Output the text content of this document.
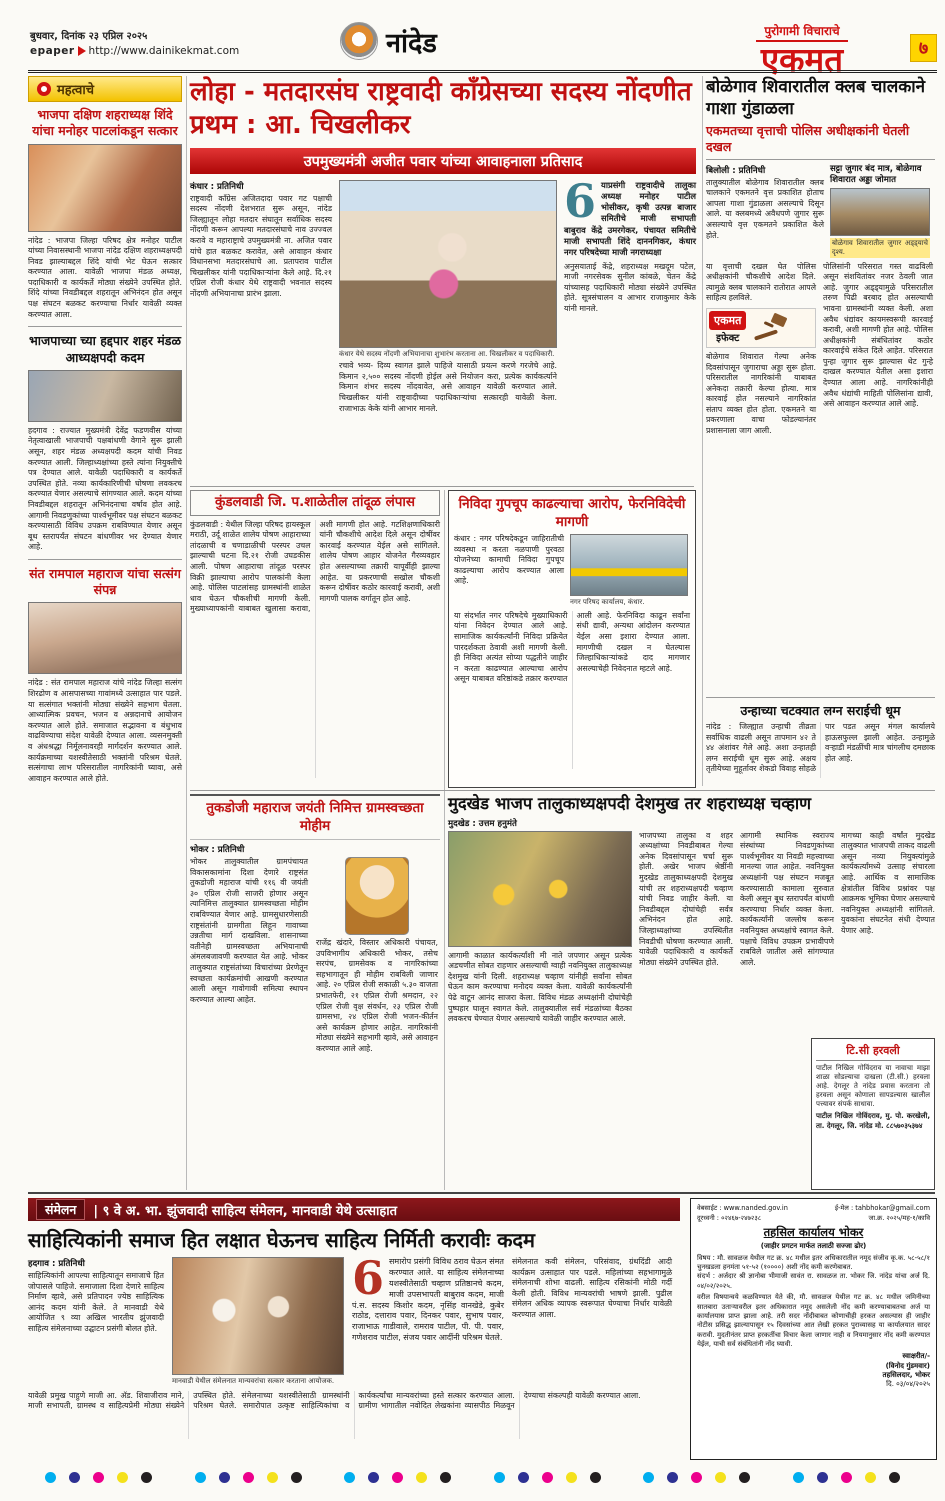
बुधवार, दिनांक २३ एप्रिल २०२५
epaper http://www.dainikekmat.com	नांदेड	पुरोगामी विचाराचे
एकमत	७
महत्वाचे
भाजपा दक्षिण शहराध्यक्ष शिंदे यांचा मनोहर पाटलांकडून सत्कार

नांदेड : भाजपा जिल्हा परिषद क्षेत्र मनोहर पाटील यांच्या निवासस्थानी भाजपा नांदेड दक्षिण शहराध्यक्षपदी निवड झाल्याबद्दल शिंदे यांची भेट घेऊन सत्कार करण्यात आला. यावेळी भाजपा मंडळ अध्यक्ष, पदाधिकारी व कार्यकर्ते मोठ्या संख्येने उपस्थित होते. शिंदे यांच्या निवडीबद्दल शहरातून अभिनंदन होत असून पक्ष संघटन बळकट करण्याचा निर्धार यावेळी व्यक्त करण्यात आला.

भाजपाच्या च्या हद्दपार शहर मंडळ आध्यक्षपदी कदम

हदगाव : राज्यात मुख्यमंत्री देवेंद्र फडणवीस यांच्या नेतृत्वाखाली भाजपाची पक्षबांधणी वेगाने सुरू झाली असून, शहर मंडळ अध्यक्षपदी कदम यांची निवड करण्यात आली. जिल्हाध्यक्षांच्या हस्ते त्यांना नियुक्तीचे पत्र देण्यात आले. यावेळी पदाधिकारी व कार्यकर्ते उपस्थित होते. नव्या कार्यकारिणीची घोषणा लवकरच करण्यात येणार असल्याचे सांगण्यात आले. कदम यांच्या निवडीबद्दल शहरातून अभिनंदनाचा वर्षाव होत आहे. आगामी निवडणुकांच्या पार्श्वभूमीवर पक्ष संघटन बळकट करण्यासाठी विविध उपक्रम राबविण्यात येणार असून बूथ स्तरापर्यंत संघटन बांधणीवर भर देण्यात येणार आहे.

संत रामपाल महाराज यांचा सत्संग संपन्न

नांदेड : संत रामपाल महाराज यांचे नांदेड जिल्हा सत्संग शिरढोण व आसपासच्या गावांमध्ये उत्साहात पार पडले. या सत्संगात भक्तांनी मोठ्या संख्येने सहभाग घेतला. आध्यात्मिक प्रवचन, भजन व अन्नदानाचे आयोजन करण्यात आले होते. समाजात सद्भावना व बंधुभाव वाढविण्याचा संदेश यावेळी देण्यात आला. व्यसनमुक्ती व अंधश्रद्धा निर्मूलनावरही मार्गदर्शन करण्यात आले. कार्यक्रमाच्या यशस्वीतेसाठी भक्तांनी परिश्रम घेतले. सत्संगाचा लाभ परिसरातील नागरिकांनी घ्यावा, असे आवाहन करण्यात आले होते.

लोहा - मतदारसंघ राष्ट्रवादी काँग्रेसच्या सदस्य नोंदणीत प्रथम : आ. चिखलीकर
उपमुख्यमंत्री अजीत पवार यांच्या आवाहनाला प्रतिसाद
कंधार : प्रतिनिधी

राष्ट्रवादी काँग्रेस अजितदादा पवार गट पक्षाची सदस्य नोंदणी देशभरात सुरू असून, नांदेड जिल्ह्यातून लोहा मतदार संघातून सर्वाधिक सदस्य नोंदणी करून आपल्या मतदारसंघाचे नाव उज्ज्वल करावे व महाराष्ट्राचे उपमुख्यमंत्री ना. अजित पवार यांचे हात बळकट करावेत, असे आवाहन कंधार विधानसभा मतदारसंघाचे आ. प्रतापराव पाटील चिखलीकर यांनी पदाधिकाऱ्यांना केले आहे. दि.२१ एप्रिल रोजी कंधार येथे राष्ट्रवादी भवनात सदस्य नोंदणी अभियानाचा प्रारंभ झाला.

कंधार येथे सदस्य नोंदणी अभियानाचा शुभारंभ करताना आ. चिखलीकर व पदाधिकारी.

रचावे भव्य- दिव्य स्वागत झाले पाहिजे यासाठी प्रयत्न करणे गरजेचे आहे. किमान २,५०० सदस्य नोंदणी होईल असे नियोजन करा, प्रत्येक कार्यकर्त्याने किमान शंभर सदस्य नोंदवावेत, असे आवाहन यावेळी करण्यात आले. चिखलीकर यांनी राष्ट्रवादीच्या पदाधिकाऱ्यांचा सत्कारही यावेळी केला. राजाभाऊ केके यांनी आभार मानले.

6 याप्रसंगी राष्ट्रवादीचे तालुका अध्यक्ष मनोहर पाटील भोसीकर, कृषी उत्पन्न बाजार समितीचे माजी सभापती बाबुराव केंद्रे उमरगेकर, पंचायत समितीचे माजी सभापती शिंदे दाननगिकर, कंधार नगर परिषदेच्या माजी नगराध्यक्षा

अनुसयाताई केंद्रे, शहराध्यक्ष मखदूम पटेल, माजी नगरसेवक सुनील कांबळे, चेतन केंद्रे यांच्यासह पदाधिकारी मोठ्या संख्येने उपस्थित होते. सूत्रसंचालन व आभार राजाकुमार केके यांनी मानले.

कुंडलवाडी जि. प.शाळेतील तांदूळ लंपास

कुंडलवाडी : येथील जिल्हा परिषद हायस्कूल मराठी, उर्दू शाळेत शालेय पोषण आहाराच्या तांदळाची व चणाडाळीची परस्पर उचल झाल्याची घटना दि.२१ रोजी उघडकीस आली. पोषण आहाराचा तांदूळ परस्पर विक्री झाल्याचा आरोप पालकांनी केला आहे. पोलिस पाटलांसह ग्रामस्थांनी शाळेत धाव घेऊन चौकशीची मागणी केली. मुख्याध्यापकांनी याबाबत खुलासा करावा, अशी मागणी होत आहे. गटशिक्षणाधिकारी यांनी चौकशीचे आदेश दिले असून दोषींवर कारवाई करण्यात येईल असे सांगितले. शालेय पोषण आहार योजनेत गैरव्यवहार होत असल्याच्या तक्रारी यापूर्वीही झाल्या आहेत. या प्रकरणाची सखोल चौकशी करून दोषींवर कठोर कारवाई करावी, अशी मागणी पालक वर्गातून होत आहे.

निविदा गुपचूप काढल्याचा आरोप, फेरनिविदेची मागणी

कंधार : नगर परिषदेकडून जाहिरातीची व्यवस्था न करता नळपाणी पुरवठा योजनेच्या कामाची निविदा गुपचूप काढल्याचा आरोप करण्यात आला आहे.

नगर परिषद कार्यालय, कंधार.

या संदर्भात नगर परिषदेचे मुख्याधिकारी यांना निवेदन देण्यात आले आहे. सामाजिक कार्यकर्त्यांनी निविदा प्रक्रियेत पारदर्शकता ठेवावी अशी मागणी केली. ही निविदा अत्यंत सोप्या पद्धतीने जाहीर न करता काढण्यात आल्याचा आरोप असून याबाबत वरिष्ठांकडे तक्रार करण्यात आली आहे. फेरनिविदा काढून सर्वांना संधी द्यावी, अन्यथा आंदोलन करण्यात येईल असा इशारा देण्यात आला. मागणीची दखल न घेतल्यास जिल्हाधिकाऱ्यांकडे दाद मागणार असल्याचेही निवेदनात म्हटले आहे.

तुकडोजी महाराज जयंती निमित्त ग्रामस्वच्छता मोहीम
भोकर : प्रतिनिधी

भोकर तालुक्यातील ग्रामपंचायत विकासकामांना दिशा देणारे राष्ट्रसंत तुकडोजी महाराज यांची ११६ वी जयंती ३० एप्रिल रोजी साजरी होणार असून त्यानिमित्त तालुक्यात ग्रामस्वच्छता मोहीम राबविण्यात येणार आहे. ग्रामसुधारणेसाठी राष्ट्रसंतांनी ग्रामगीता लिहून गावाच्या उन्नतीचा मार्ग दाखविला. शासनाच्या वतीनेही ग्रामस्वच्छता अभियानाची अंमलबजावणी करण्यात येत आहे. भोकर तालुक्यात राष्ट्रसंतांच्या विचारांच्या प्रेरणेतून स्वच्छता कार्यक्रमांची आखणी करण्यात आली असून गावोगावी समित्या स्थापन करण्यात आल्या आहेत.

राजेंद्र खंदारे, विस्तार अधिकारी पंचायत, उपविभागीय अधिकारी भोकर, तसेच सरपंच, ग्रामसेवक व नागरिकांच्या सहभागातून ही मोहीम राबविली जाणार आहे. २० एप्रिल रोजी सकाळी ५.३० वाजता प्रभातफेरी, २१ एप्रिल रोजी श्रमदान, २२ एप्रिल रोजी वृक्ष संवर्धन, २३ एप्रिल रोजी ग्रामसभा, २४ एप्रिल रोजी भजन-कीर्तन असे कार्यक्रम होणार आहेत. नागरिकांनी मोठ्या संख्येने सहभागी व्हावे, असे आवाहन करण्यात आले आहे.

मुदखेड भाजप तालुकाध्यक्षपदी देशमुख तर शहराध्यक्ष चव्हाण
मुदखेड : उत्तम हनुमंते

आगामी काळात कार्यकर्त्यांशी मी नाते जपणार असून प्रत्येक अडचणीत सोबत राहणार असल्याची ग्वाही नवनियुक्त तालुकाध्यक्ष देशमुख यांनी दिली. शहराध्यक्ष चव्हाण यांनीही सर्वांना सोबत घेऊन काम करण्याचा मनोदय व्यक्त केला. यावेळी कार्यकर्त्यांनी पेढे वाटून आनंद साजरा केला. विविध मंडळ अध्यक्षांनी दोघांचेही पुष्पहार घालून स्वागत केले. तालुक्यातील सर्व मंडळांच्या बैठका लवकरच घेण्यात येणार असल्याचे यावेळी जाहीर करण्यात आले.

भाजपच्या तालुका व शहर अध्यक्षांच्या निवडीबाबत गेल्या अनेक दिवसांपासून चर्चा सुरू होती. अखेर भाजप श्रेष्ठींनी मुदखेड तालुकाध्यक्षपदी देशमुख यांची तर शहराध्यक्षपदी चव्हाण यांची निवड जाहीर केली. या निवडीबद्दल दोघांचेही सर्वत्र अभिनंदन होत आहे. जिल्हाध्यक्षांच्या उपस्थितीत निवडीची घोषणा करण्यात आली. यावेळी पदाधिकारी व कार्यकर्ते मोठ्या संख्येने उपस्थित होते.

आगामी स्थानिक स्वराज्य संस्थांच्या निवडणुकांच्या पार्श्वभूमीवर या निवडी महत्त्वाच्या मानल्या जात आहेत. नवनियुक्त अध्यक्षांनी पक्ष संघटन मजबूत करण्यासाठी कामाला सुरुवात केली असून बूथ स्तरापर्यंत बांधणी करण्याचा निर्धार व्यक्त केला. कार्यकर्त्यांनी जल्लोष करून नवनियुक्त अध्यक्षांचे स्वागत केले. पक्षाचे विविध उपक्रम प्रभावीपणे राबविले जातील असे सांगण्यात आले.

मागच्या काही वर्षांत मुदखेड तालुक्यात भाजपची ताकद वाढली असून नव्या नियुक्त्यांमुळे कार्यकर्त्यांमध्ये उत्साह संचारला आहे. आर्थिक व सामाजिक क्षेत्रांतील विविध प्रश्नांवर पक्ष आक्रमक भूमिका घेणार असल्याचे नवनियुक्त अध्यक्षांनी सांगितले. युवकांना संघटनेत संधी देण्यात येणार आहे.

टि.सी हरवली

पाटील निखिल गोविंदराव या नावाचा माझा शाळा सोडल्याचा दाखला (टी.सी.) हरवला आहे. देगलूर ते नांदेड प्रवास करताना तो हरवला असून कोणाला सापडल्यास खालील पत्त्यावर संपर्क साधावा.

पाटील निखिल गोविंदराव, मु. पो. करखेली, ता. देगलूर, जि. नांदेड मो. ८८५७०३५३७४

बोळेगाव शिवारातील क्लब चालकाने गाशा गुंडाळला
एकमतच्या वृत्ताची पोलिस अधीक्षकांनी घेतली दखल
बिलोली : प्रतिनिधी

तालुक्यातील बोळेगाव शिवारातील क्लब चालकाने एकमतने वृत्त प्रकाशित होताच आपला गाशा गुंडाळला असल्याचे दिसून आले. या क्लबमध्ये अवैधपणे जुगार सुरू असल्याचे वृत्त एकमतने प्रकाशित केले होते.

सट्टा जुगार बंद मात्र, बोळेगाव शिवारात अड्डा जोमात
बोळेगाव शिवारातील जुगार अड्ड्याचे दृश्य.

या वृत्ताची दखल घेत पोलिस अधीक्षकांनी चौकशीचे आदेश दिले. त्यामुळे क्लब चालकाने रातोरात आपले साहित्य हलविले.

एकमत
इफेक्ट

बोळेगाव शिवारात गेल्या अनेक दिवसांपासून जुगाराचा अड्डा सुरू होता. परिसरातील नागरिकांनी याबाबत अनेकदा तक्रारी केल्या होत्या. मात्र कारवाई होत नसल्याने नागरिकांत संताप व्यक्त होत होता. एकमतने या प्रकरणाला वाचा फोडल्यानंतर प्रशासनाला जाग आली.

पोलिसांनी परिसरात गस्त वाढविली असून संशयितांवर नजर ठेवली जात आहे. जुगार अड्ड्यामुळे परिसरातील तरुण पिढी बरबाद होत असल्याची भावना ग्रामस्थांनी व्यक्त केली. अशा अवैध धंद्यांवर कायमस्वरूपी कारवाई करावी, अशी मागणी होत आहे. पोलिस अधीक्षकांनी संबंधितांवर कठोर कारवाईचे संकेत दिले आहेत. परिसरात पुन्हा जुगार सुरू झाल्यास थेट गुन्हे दाखल करण्यात येतील असा इशारा देण्यात आला आहे. नागरिकांनीही अवैध धंद्यांची माहिती पोलिसांना द्यावी, असे आवाहन करण्यात आले आहे.

उन्हाच्या चटक्यात लग्न सराईची धूम

नांदेड : जिल्ह्यात उन्हाची तीव्रता सर्वाधिक वाढली असून तापमान ४२ ते ४४ अंशांवर गेले आहे. अशा उन्हातही लग्न सराईची धूम सुरू आहे. अक्षय तृतीयेच्या मुहूर्तावर शेकडो विवाह सोहळे पार पडत असून मंगल कार्यालये हाऊसफुल्ल झाली आहेत. उन्हामुळे वऱ्हाडी मंडळींची मात्र चांगलीच दमछाक होत आहे.

संमेलन	| ९ वे अ. भा. झुंजवादी साहित्य संमेलन, मानवाडी येथे उत्साहात
साहित्यिकांनी समाज हित लक्षात घेऊनच साहित्य निर्मिती करावीः कदम
हदगाव : प्रतिनिधी

साहित्यिकांनी आपल्या साहित्यातून समाजाचे हित जोपासले पाहिजे. समाजाला दिशा देणारे साहित्य निर्माण व्हावे, असे प्रतिपादन ज्येष्ठ साहित्यिक आनंद कदम यांनी केले. ते मानवाडी येथे आयोजित ९ व्या अखिल भारतीय झुंजवादी साहित्य संमेलनाच्या उद्घाटन प्रसंगी बोलत होते.

मानवाडी येथील संमेलनात मान्यवरांचा सत्कार करताना आयोजक.
6 समारोप प्रसंगी विविध ठराव घेऊन संमत करण्यात आले. या साहित्य संमेलनाच्या यशस्वीतेसाठी चव्हाण प्रतिष्ठानचे कदम, माजी उपसभापती बाबुराव कदम, माजी पं.स. सदस्य किशोर कदम, नृसिंह वानखेडे, कुबेर राठोड, दत्ताराव पवार, दिनकर पवार, सुभाष पवार, राजाभाऊ गाडीवाले, रामराव पाटील, पी. पी. पवार, गणेशराव पाटील, संजय पवार आदींनी परिश्रम घेतले.

संमेलनात कवी संमेलन, परिसंवाद, ग्रंथदिंडी आदी कार्यक्रम उत्साहात पार पडले. महिलांच्या सहभागामुळे संमेलनाची शोभा वाढली. साहित्य रसिकांनी मोठी गर्दी केली होती. विविध मान्यवरांची भाषणे झाली. पुढील संमेलन अधिक व्यापक स्वरूपात घेण्याचा निर्धार यावेळी करण्यात आला.

यावेळी प्रमुख पाहुणे माजी आ. अ‍ॅड. शिवाजीराव माने, माजी सभापती, ग्रामस्थ व साहित्यप्रेमी मोठ्या संख्येने उपस्थित होते. संमेलनाच्या यशस्वीतेसाठी ग्रामस्थांनी परिश्रम घेतले. समारोपात उत्कृष्ट साहित्यिकांचा व कार्यकर्त्यांचा मान्यवरांच्या हस्ते सत्कार करण्यात आला. ग्रामीण भागातील नवोदित लेखकांना व्यासपीठ मिळवून देण्याचा संकल्पही यावेळी करण्यात आला.

वेबसाईट : www.nanded.gov.in	ई-मेल : tahbhokar@gmail.com
दूरध्वनी : ०२४६७-२४७२३८	जा.क्र. २०२५/मह-१/कावि
तहसिल कार्यालय भोकर
(जाहीर प्रगटन मार्फत तलाठी सज्जा ढोर)

विषय : मौ. सावळज येथील गट क्र. ४८ मधील इतर अधिकारातील नमूद संजीव कृ.क. ५८-५८/१ चुनखडला हनमंता ५१-५२ (१००००) अशी नोंद कमी करणेबाबत.

संदर्भ : अर्जदार श्री ज्ञानोबा भीमाजी सावंत रा. सावळज ता. भोकर जि. नांदेड यांचा अर्ज दि. ०४/०२/२०२५.

वरील विषयान्वये कळविण्यात येते की, मौ. सावळज येथील गट क्र. ४८ मधील जमिनीच्या सातबारा उताऱ्यावरील इतर अधिकारात नमूद असलेली नोंद कमी करण्याबाबतचा अर्ज या कार्यालयास प्राप्त झाला आहे. तरी सदर नोंदीबाबत कोणाचीही हरकत असल्यास ही जाहीर नोटीस प्रसिद्ध झाल्यापासून १५ दिवसांच्या आत लेखी हरकत पुराव्यासह या कार्यालयात सादर करावी. मुदतीनंतर प्राप्त हरकतींचा विचार केला जाणार नाही व नियमानुसार नोंद कमी करण्यात येईल, याची सर्व संबंधितांनी नोंद घ्यावी.

स्वाक्षरीत/-
(विनोद गुंडमवार)
तहसिलदार, भोकर
दि. ०३/०४/२०२५
